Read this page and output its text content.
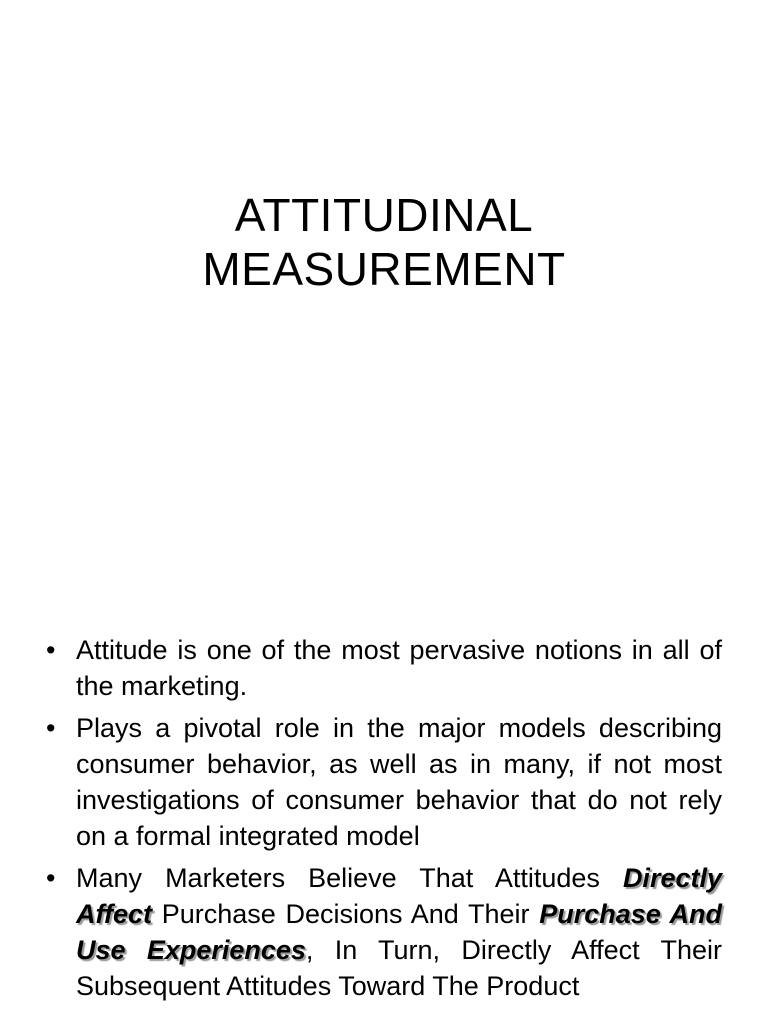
ATTITUDINAL
MEASUREMENT
• Attitude is one of the most pervasive notions in all of the marketing.
• Plays a pivotal role in the major models describing consumer behavior, as well as in many, if not most investigations of consumer behavior that do not rely on a formal integrated model
• Many Marketers Believe That Attitudes Directly Affect Purchase Decisions And Their Purchase And Use Experiences, In Turn, Directly Affect Their Subsequent Attitudes Toward The Product
